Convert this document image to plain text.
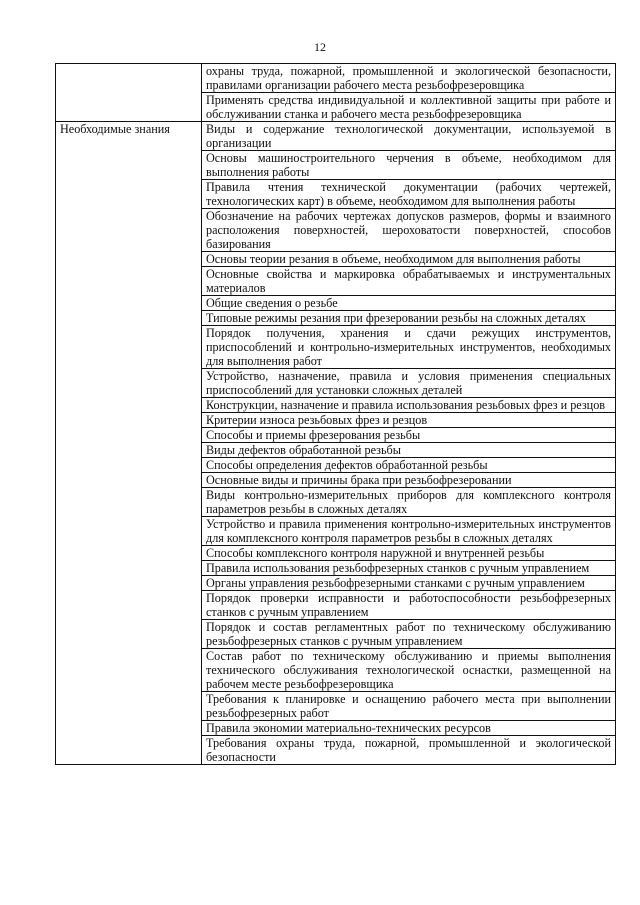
12
	охраны труда, пожарной, промышленной и экологической безопасности, правилами организации рабочего места резьбофрезеровщика
	Применять средства индивидуальной и коллективной защиты при работе и обслуживании станка и рабочего места резьбофрезеровщика
Необходимые знания	Виды и содержание технологической документации, используемой в организации
	Основы машиностроительного черчения в объеме, необходимом для выполнения работы
	Правила чтения технической документации (рабочих чертежей, технологических карт) в объеме, необходимом для выполнения работы
	Обозначение на рабочих чертежах допусков размеров, формы и взаимного расположения поверхностей, шероховатости поверхностей, способов базирования
	Основы теории резания в объеме, необходимом для выполнения работы
	Основные свойства и маркировка обрабатываемых и инструментальных материалов
	Общие сведения о резьбе
	Типовые режимы резания при фрезеровании резьбы на сложных деталях
	Порядок получения, хранения и сдачи режущих инструментов, приспособлений и контрольно-измерительных инструментов, необходимых для выполнения работ
	Устройство, назначение, правила и условия применения специальных приспособлений для установки сложных деталей
	Конструкции, назначение и правила использования резьбовых фрез и резцов
	Критерии износа резьбовых фрез и резцов
	Способы и приемы фрезерования резьбы
	Виды дефектов обработанной резьбы
	Способы определения дефектов обработанной резьбы
	Основные виды и причины брака при резьбофрезеровании
	Виды контрольно-измерительных приборов для комплексного контроля параметров резьбы в сложных деталях
	Устройство и правила применения контрольно-измерительных инструментов для комплексного контроля параметров резьбы в сложных деталях
	Способы комплексного контроля наружной и внутренней резьбы
	Правила использования резьбофрезерных станков с ручным управлением
	Органы управления резьбофрезерными станками с ручным управлением
	Порядок проверки исправности и работоспособности резьбофрезерных станков с ручным управлением
	Порядок и состав регламентных работ по техническому обслуживанию резьбофрезерных станков с ручным управлением
	Состав работ по техническому обслуживанию и приемы выполнения технического обслуживания технологической оснастки, размещенной на рабочем месте резьбофрезеровщика
	Требования к планировке и оснащению рабочего места при выполнении резьбофрезерных работ
	Правила экономии материально-технических ресурсов
	Требования охраны труда, пожарной, промышленной и экологической безопасности
